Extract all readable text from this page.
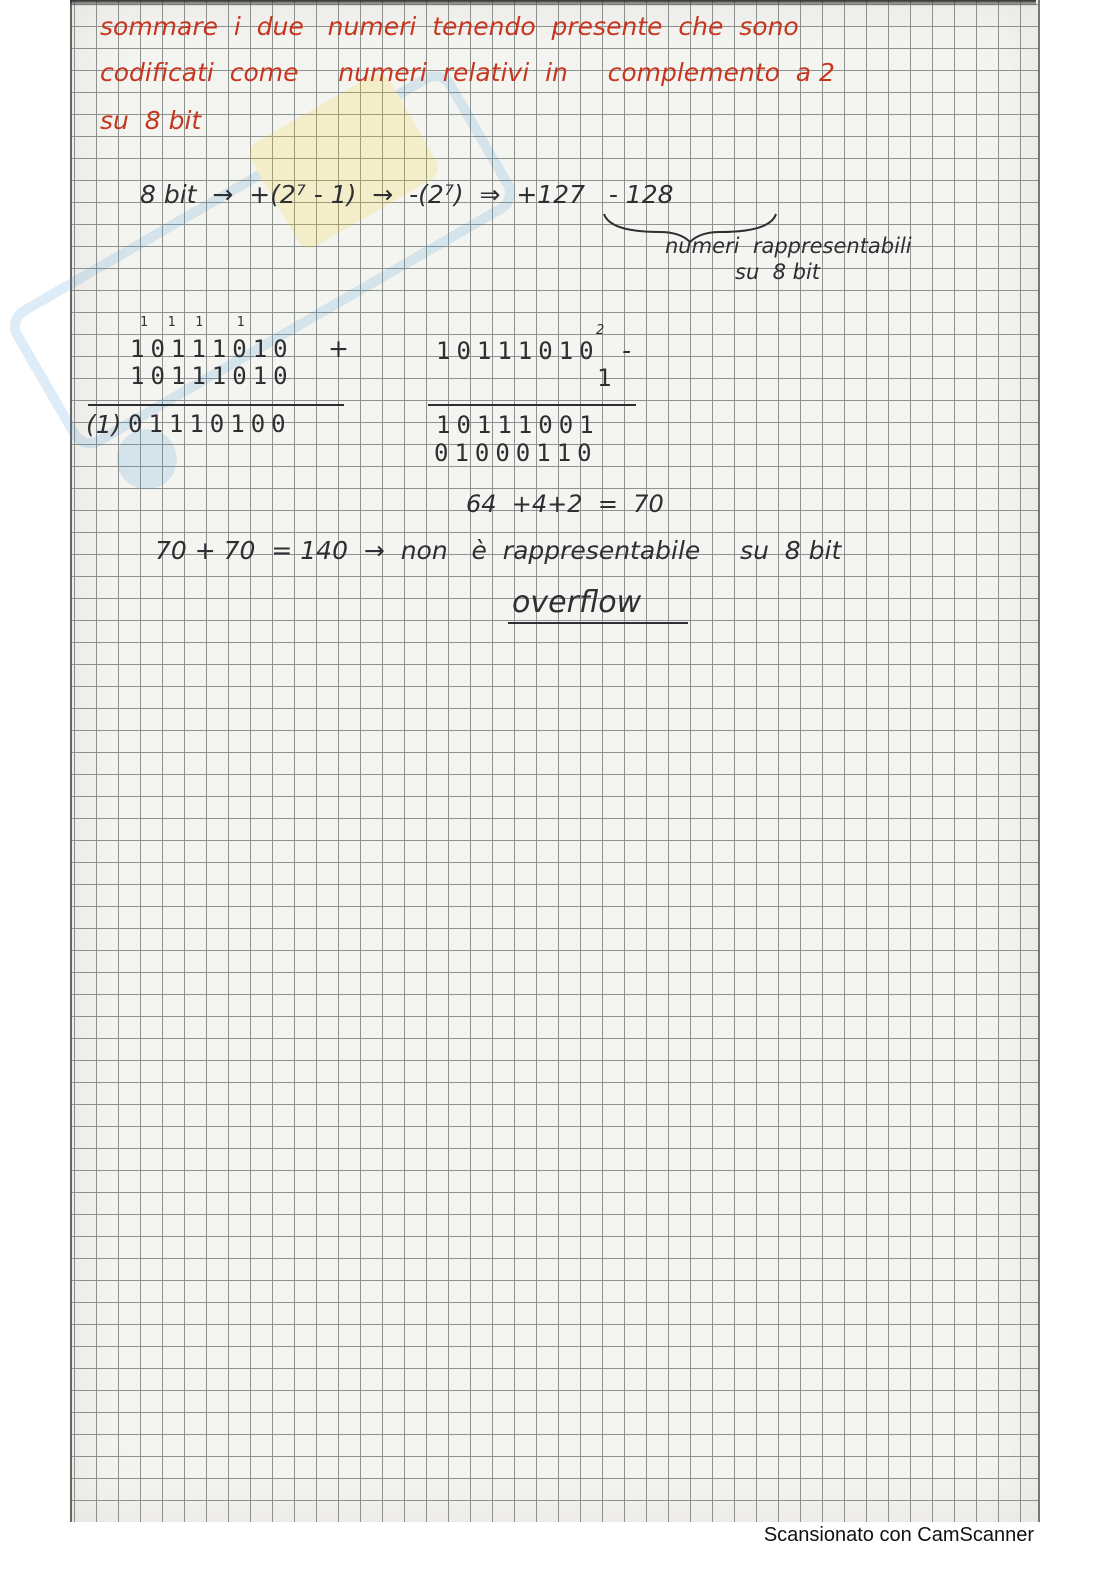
sommare  i  due   numeri  tenendo  presente  che  sono
codificati  come     numeri  relativi  in     complemento  a 2
su  8 bit
8 bit  →  +(2⁷ - 1)  →  -(2⁷)  ⇒  +127   - 128
numeri  rappresentabili
su  8 bit
1 1 1  1
10111010 +
10111010
(1) 01110100
2
10111010 -
1
10111001
01000110
64  +4+2  =  70
70 + 70  = 140  →  non   è  rappresentabile     su  8 bit
overflow
Scansionato con CamScanner
